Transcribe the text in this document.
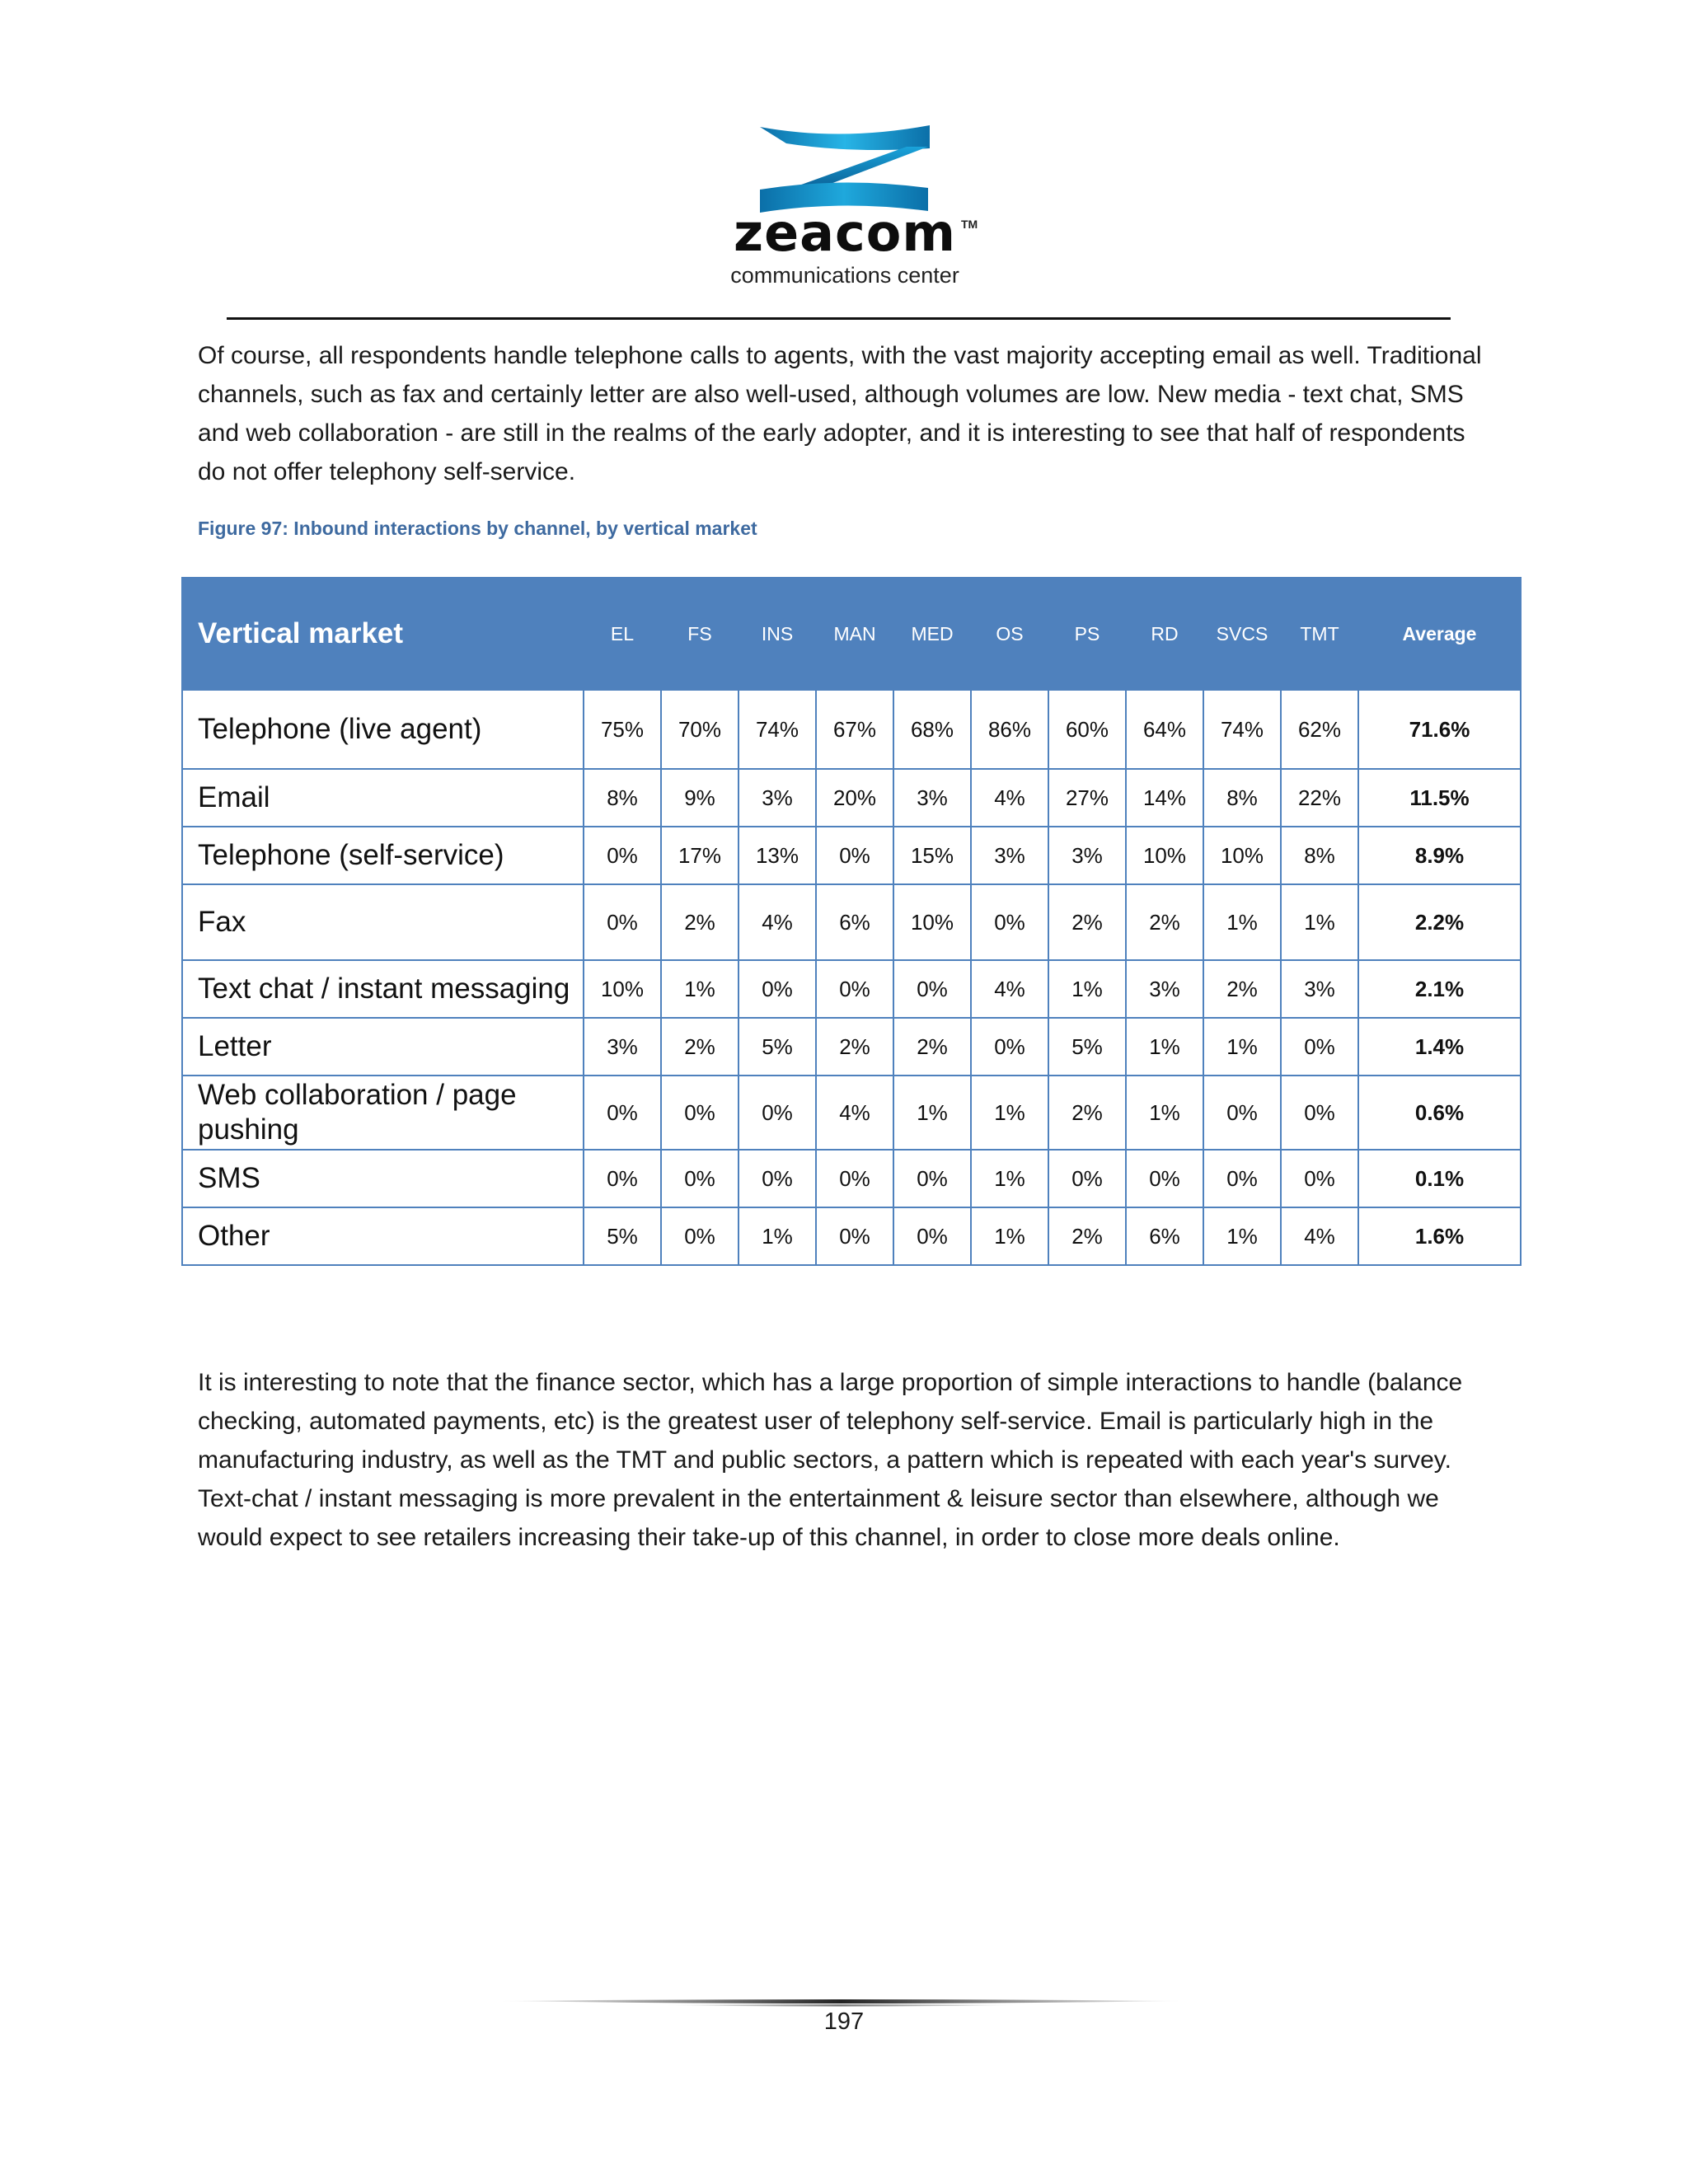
zeacom TM
communications center

Of course, all respondents handle telephone calls to agents, with the vast majority accepting email as well. Traditional channels, such as fax and certainly letter are also well-used, although volumes are low. New media - text chat, SMS and web collaboration - are still in the realms of the early adopter, and it is interesting to see that half of respondents do not offer telephony self-service.

Figure 97: Inbound interactions by channel, by vertical market
Vertical market	EL	FS	INS	MAN	MED	OS	PS	RD	SVCS	TMT	Average
Telephone (live agent)	75%	70%	74%	67%	68%	86%	60%	64%	74%	62%	71.6%
Email	8%	9%	3%	20%	3%	4%	27%	14%	8%	22%	11.5%
Telephone (self-service)	0%	17%	13%	0%	15%	3%	3%	10%	10%	8%	8.9%
Fax	0%	2%	4%	6%	10%	0%	2%	2%	1%	1%	2.2%
Text chat / instant messaging	10%	1%	0%	0%	0%	4%	1%	3%	2%	3%	2.1%
Letter	3%	2%	5%	2%	2%	0%	5%	1%	1%	0%	1.4%
Web collaboration / page pushing	0%	0%	0%	4%	1%	1%	2%	1%	0%	0%	0.6%
SMS	0%	0%	0%	0%	0%	1%	0%	0%	0%	0%	0.1%
Other	5%	0%	1%	0%	0%	1%	2%	6%	1%	4%	1.6%

It is interesting to note that the finance sector, which has a large proportion of simple interactions to handle (balance checking, automated payments, etc) is the greatest user of telephony self-service. Email is particularly high in the manufacturing industry, as well as the TMT and public sectors, a pattern which is repeated with each year's survey. Text-chat / instant messaging is more prevalent in the entertainment & leisure sector than elsewhere, although we would expect to see retailers increasing their take-up of this channel, in order to close more deals online.

197
